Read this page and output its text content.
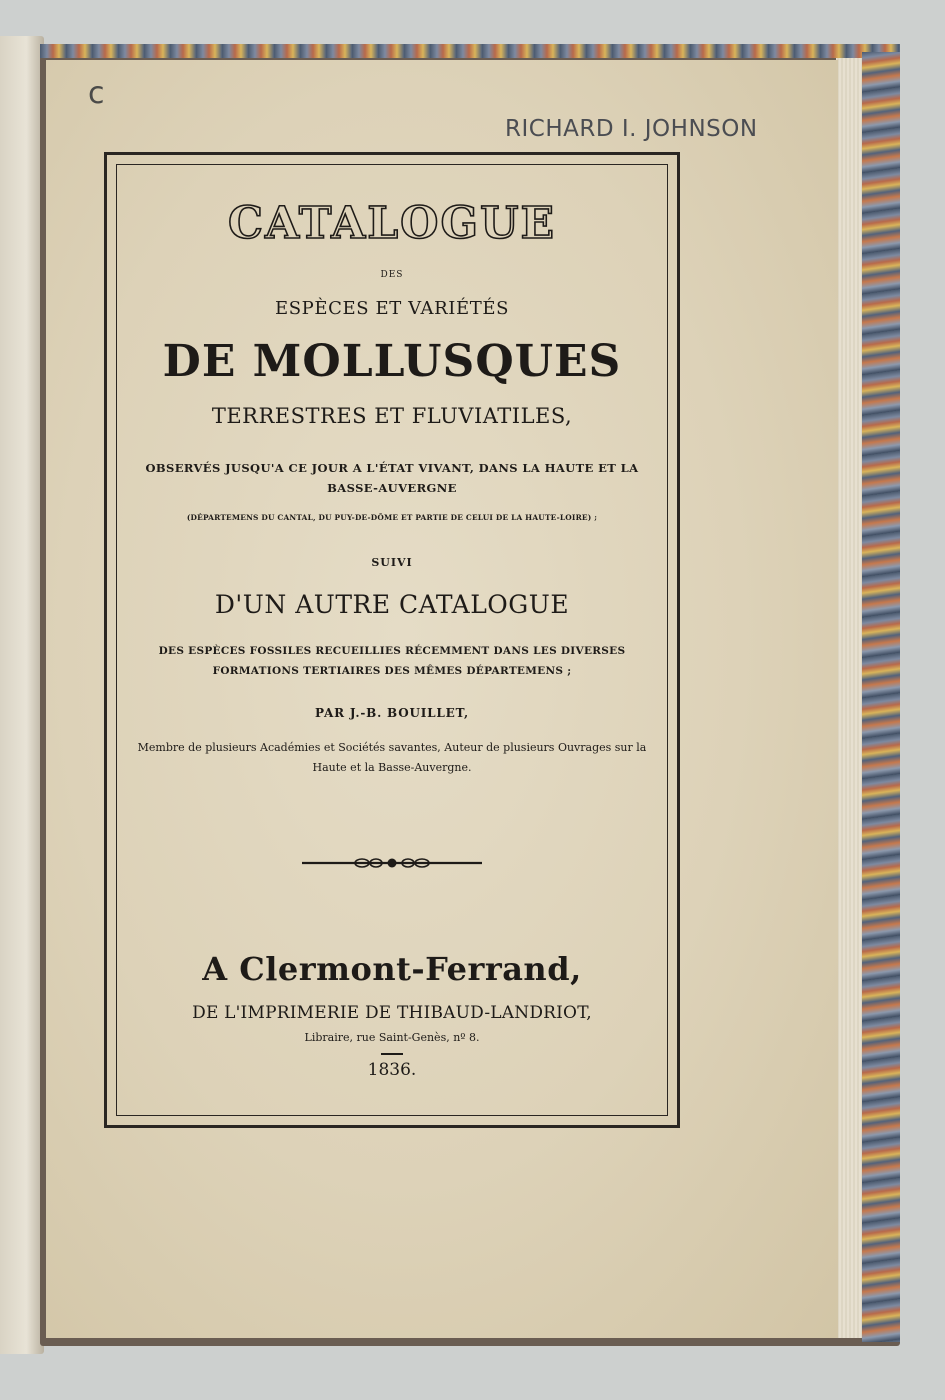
c
RICHARD I. JOHNSON
CATALOGUE
DES
ESPÈCES ET VARIÉTÉS
DE MOLLUSQUES
TERRESTRES ET FLUVIATILES,
OBSERVÉS JUSQU'A CE JOUR A L'ÉTAT VIVANT, DANS LA HAUTE ET LA BASSE-AUVERGNE
(DÉPARTEMENS DU CANTAL, DU PUY-DE-DÔME ET PARTIE DE CELUI DE LA HAUTE-LOIRE) ;
SUIVI
D'UN AUTRE CATALOGUE
DES ESPÈCES FOSSILES RECUEILLIES RÉCEMMENT DANS LES DIVERSES FORMATIONS TERTIAIRES DES MÊMES DÉPARTEMENS ;
PAR J.-B. BOUILLET,
Membre de plusieurs Académies et Sociétés savantes, Auteur de plusieurs Ouvrages sur la Haute et la Basse-Auvergne.
A Clermont-Ferrand,
DE L'IMPRIMERIE DE THIBAUD-LANDRIOT,
Libraire, rue Saint-Genès, nº 8.
1836.
